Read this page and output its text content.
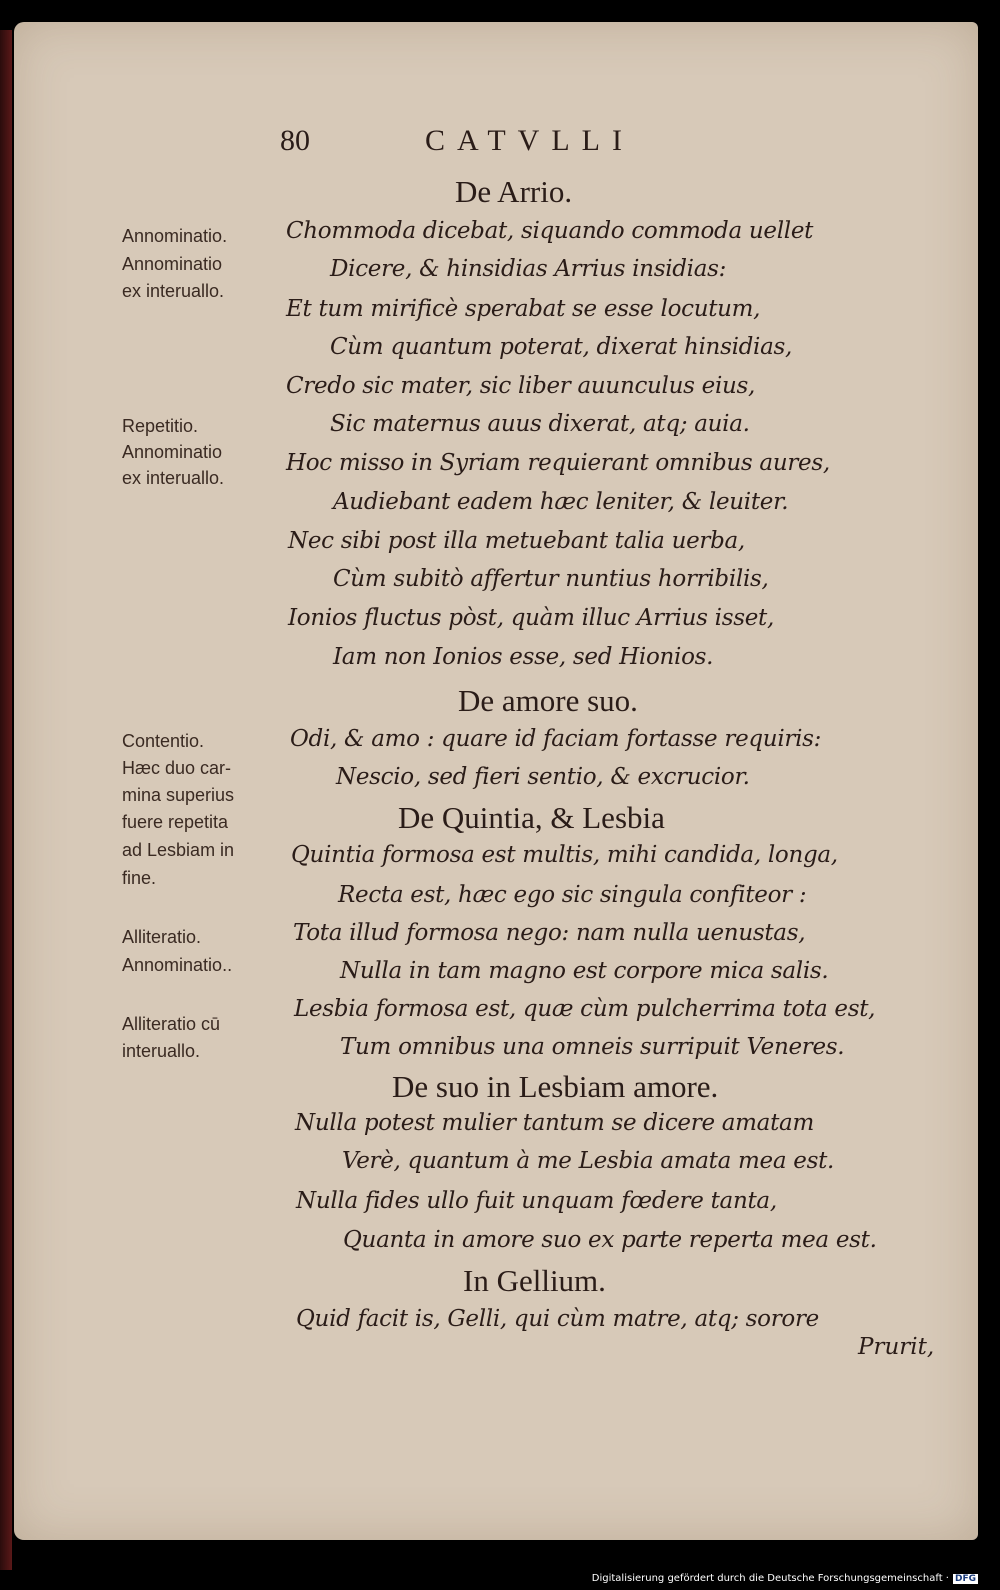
80	CATVLLI
De Arrio.
Chommoda dicebat, siquando commoda uellet
Dicere, & hinsidias Arrius insidias:
Et tum mirificè sperabat se esse locutum,
Cùm quantum poterat, dixerat hinsidias,
Credo sic mater, sic liber auunculus eius,
Sic maternus auus dixerat, atq; auia.
Hoc misso in Syriam requierant omnibus aures,
Audiebant eadem hæc leniter, & leuiter.
Nec sibi post illa metuebant talia uerba,
Cùm subitò affertur nuntius horribilis,
Ionios fluctus pòst, quàm illuc Arrius isset,
Iam non Ionios esse, sed Hionios.
De amore suo.
Odi, & amo : quare id faciam fortasse requiris:
Nescio, sed fieri sentio, & excrucior.
De Quintia, & Lesbia
Quintia formosa est multis, mihi candida, longa,
Recta est, hæc ego sic singula confiteor :
Tota illud formosa nego: nam nulla uenustas,
Nulla in tam magno est corpore mica salis.
Lesbia formosa est, quæ cùm pulcherrima tota est,
Tum omnibus una omneis surripuit Veneres.
De suo in Lesbiam amore.
Nulla potest mulier tantum se dicere amatam
Verè, quantum à me Lesbia amata mea est.
Nulla fides ullo fuit unquam fœdere tanta,
Quanta in amore suo ex parte reperta mea est.
In Gellium.
Quid facit is, Gelli, qui cùm matre, atq; sorore
Prurit,
Annominatio.
Annominatio
ex interuallo.
Repetitio.
Annominatio
ex interuallo.
Contentio.
Hæc duo car-
mina superius
fuere repetita
ad Lesbiam in
fine.
Alliteratio.
Annominatio..
Alliteratio cū
interuallo.
Digitalisierung gefördert durch die Deutsche Forschungsgemeinschaft · DFG
